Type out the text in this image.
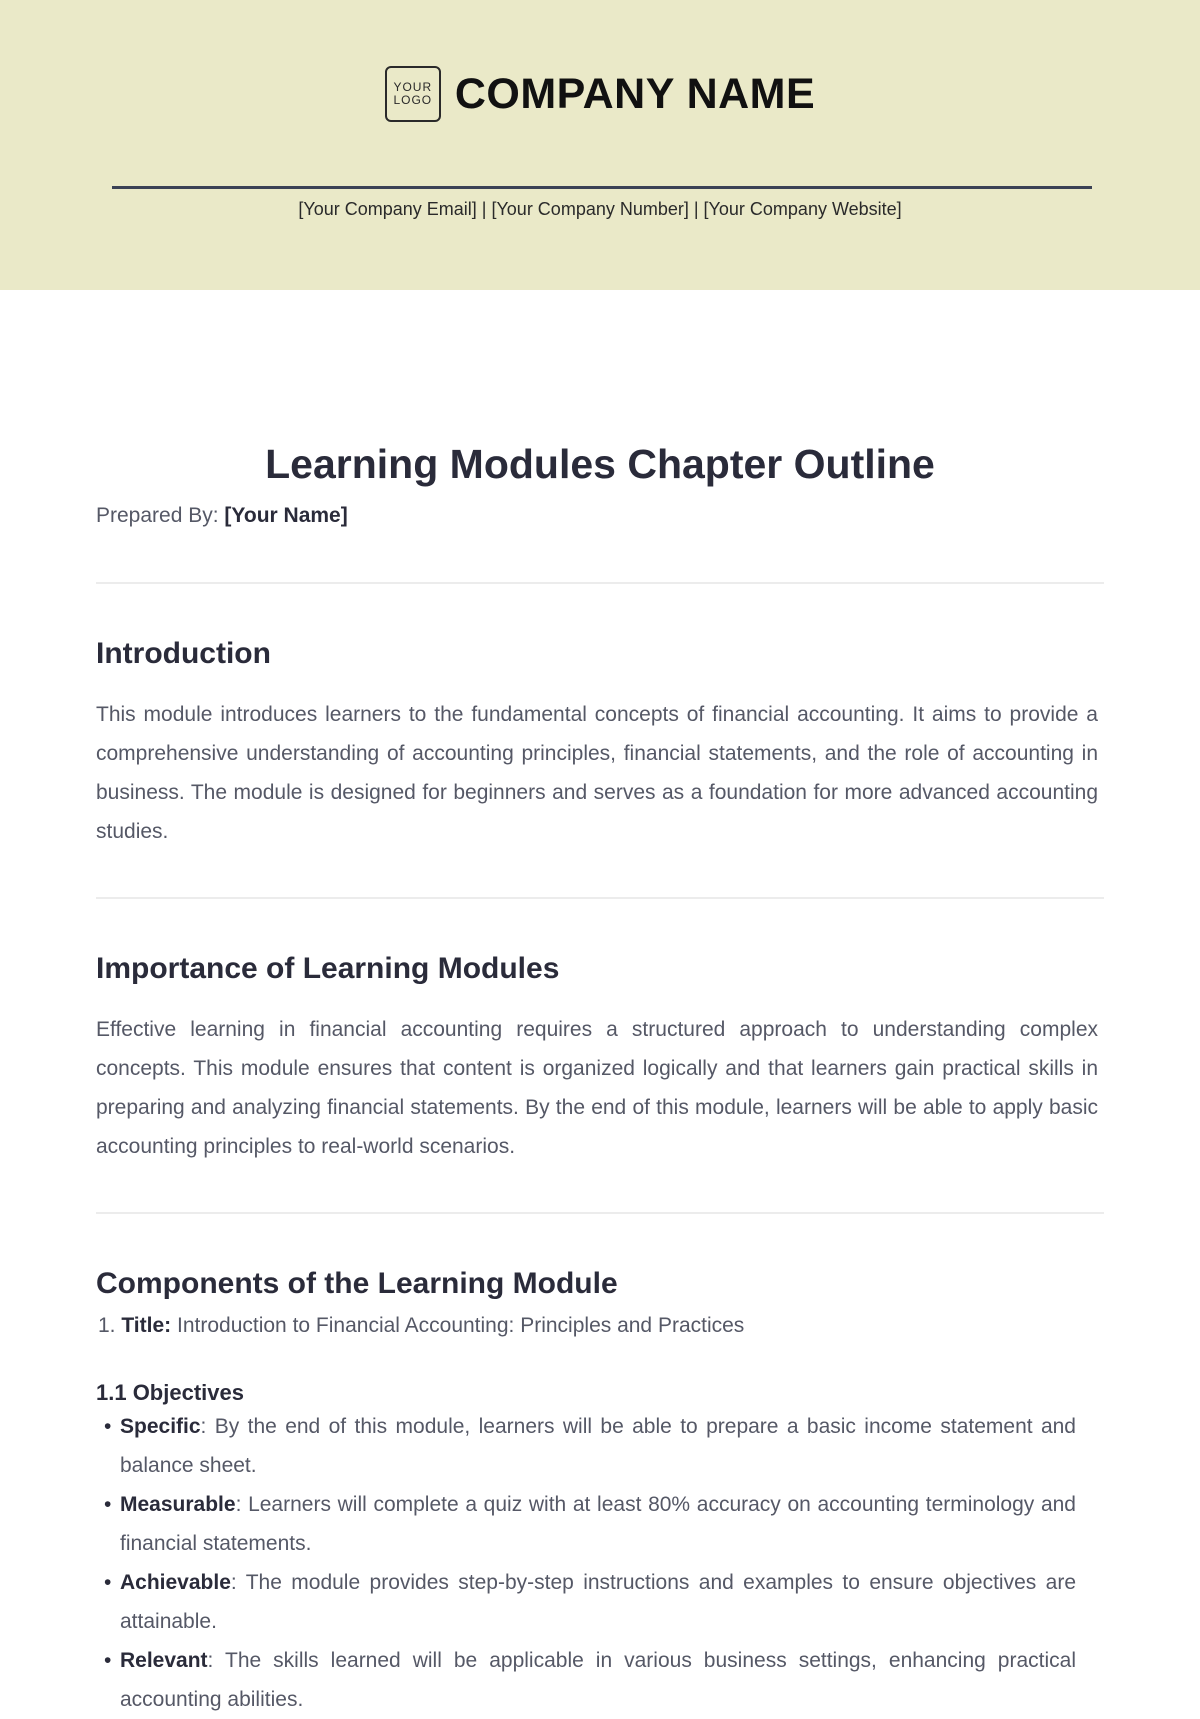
YOUR
LOGO COMPANY NAME
[Your Company Email] | [Your Company Number] | [Your Company Website]
Learning Modules Chapter Outline
Prepared By: [Your Name]
Introduction

This module introduces learners to the fundamental concepts of financial accounting. It aims to provide a comprehensive understanding of accounting principles, financial statements, and the role of accounting in business. The module is designed for beginners and serves as a foundation for more advanced accounting studies.

Importance of Learning Modules

Effective learning in financial accounting requires a structured approach to understanding complex concepts. This module ensures that content is organized logically and that learners gain practical skills in preparing and analyzing financial statements. By the end of this module, learners will be able to apply basic accounting principles to real-world scenarios.

Components of the Learning Module
1. Title: Introduction to Financial Accounting: Principles and Practices
1.1 Objectives
• Specific: By the end of this module, learners will be able to prepare a basic income statement and balance sheet.
• Measurable: Learners will complete a quiz with at least 80% accuracy on accounting terminology and financial statements.
• Achievable: The module provides step-by-step instructions and examples to ensure objectives are attainable.
• Relevant: The skills learned will be applicable in various business settings, enhancing practical accounting abilities.
